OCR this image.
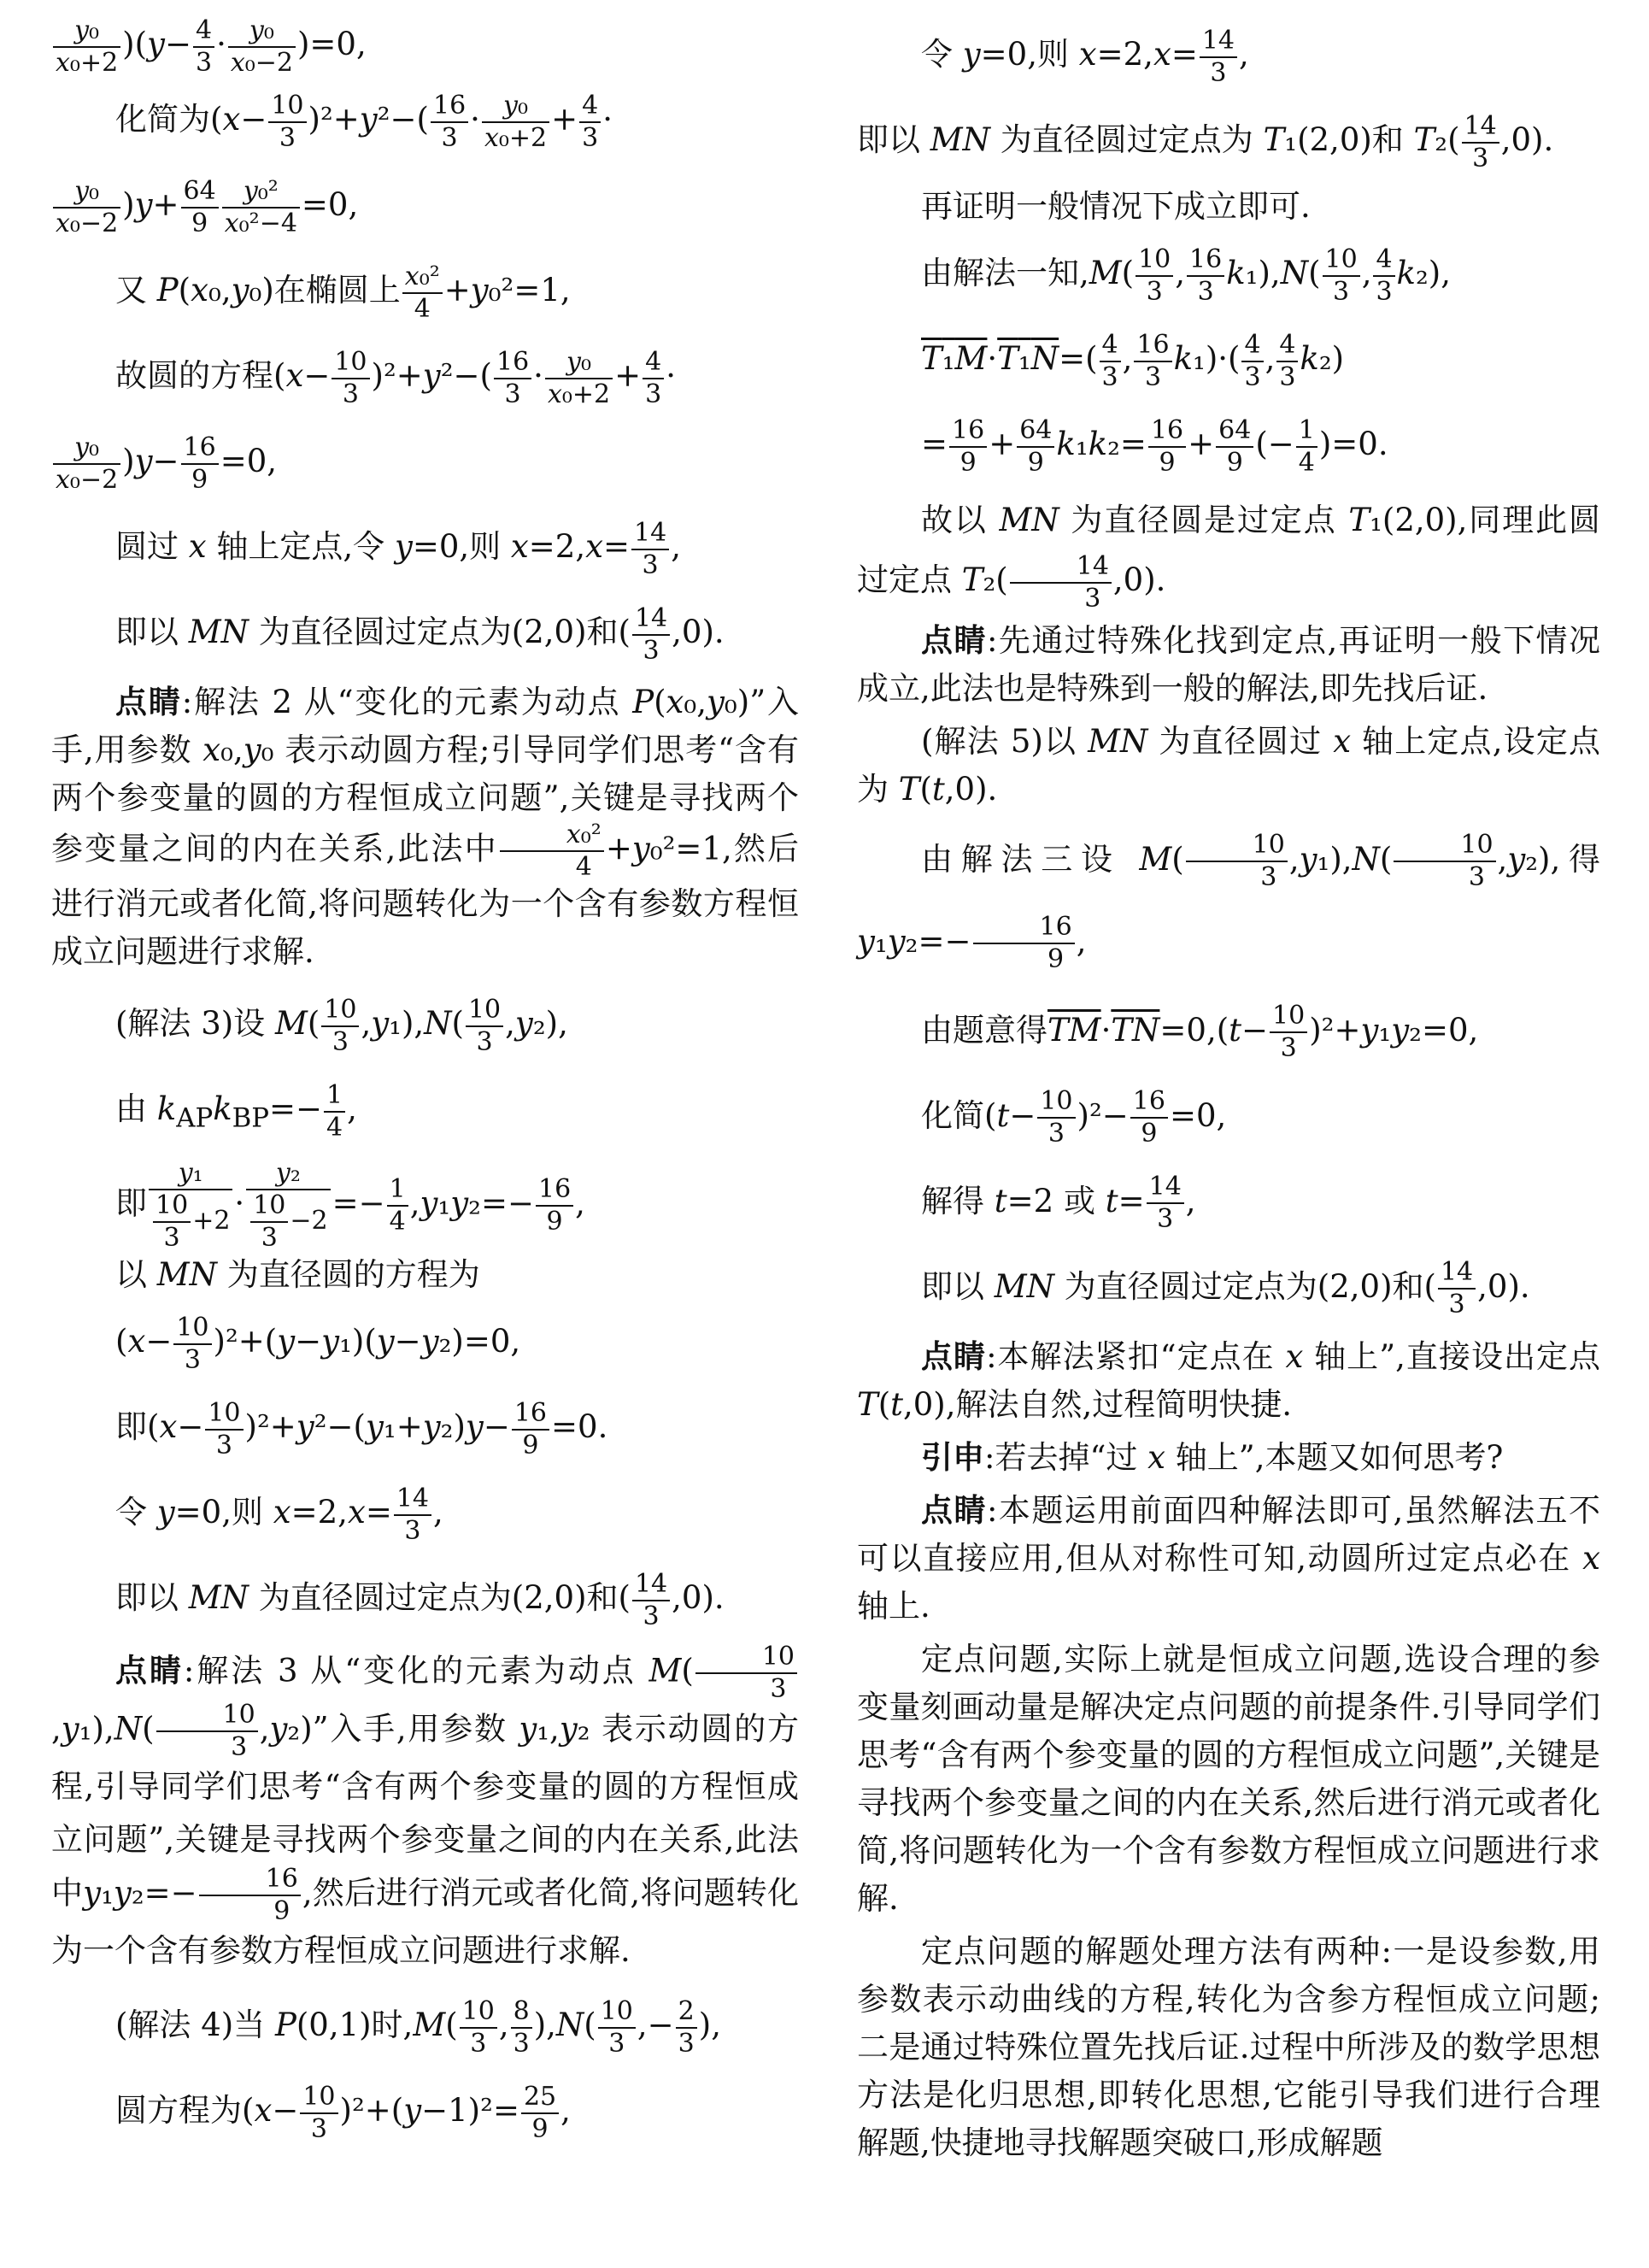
$\frac{\text{y₀}}{\text{x₀+2}} )(y- \frac{4}{3} \cdot \frac{\text{y₀}}{\text{x₀−2}} )=0$,

化简为$(x- \frac{10}{3} )^2+y^2-( \frac{16}{3} \cdot \frac{\text{y₀}}{\text{x₀+2}} + \frac{4}{3}$ ·

$\frac{\text{y₀}}{\text{x₀−2}} )y+ \frac{64}{9} \frac{\text{y₀²}}{\text{x₀²−4}} =0$,

又 P(x₀,y₀)在椭圆上 $\frac{\text{x₀²}}{4} +y_0^2=1$,

故圆的方程$(x- \frac{10}{3} )^2+y^2-( \frac{16}{3} \cdot \frac{\text{y₀}}{\text{x₀+2}} + \frac{4}{3}$ ·

$\frac{\text{y₀}}{\text{x₀−2}} )y- \frac{16}{9} =0$,

圆过 x 轴上定点,令 y=0,则 $x=2,x= \frac{14}{3}$ ,

即以 MN 为直径圆过定点为(2,0)和( $\frac{14}{3} ,0$).

点睛:解法 2 从“变化的元素为动点 P(x₀,y₀)”入手,用参数 x₀,y₀ 表示动圆方程;引导同学们思考“含有两个参变量的圆的方程恒成立问题”,关键是寻找两个参变量之间的内在关系,此法中 $\frac{\text{x₀²}}{4} +y_0^2=1$,然后进行消元或者化简,将问题转化为一个含有参数方程恒成立问题进行求解.

(解法 3)设 $M( \frac{10}{3} ,y_1),N( \frac{10}{3} ,y_2)$,

由 $k_{AP}k_{BP}=- \frac{1}{4}$ ,

即 $\frac{\text{y₁}}{\frac{10}{3} +2} \cdot \frac{\text{y₂}}{\frac{10}{3} -2} =- \frac{1}{4} ,y_1y_2=- \frac{16}{9}$ ,

以 MN 为直径圆的方程为

$(x- \frac{10}{3} )^2+(y-y_1)(y-y_2)=0$,

即$(x- \frac{10}{3} )^2+y^2-(y_1+y_2)y- \frac{16}{9} =0$.

令 y=0,则 $x=2,x= \frac{14}{3}$ ,

即以 MN 为直径圆过定点为(2,0)和( $\frac{14}{3} ,0$).

点睛:解法 3 从“变化的元素为动点 $M( \frac{10}{3}$
$,y_1),N( \frac{10}{3} ,y_2)$”入手,用参数 y₁,y₂ 表示动圆的方程,引导同学们思考“含有两个参变量的圆的方程恒成立问题”,关键是寻找两个参变量之间的内在关系,此法中$y_1y_2=- \frac{16}{9}$ ,然后进行消元或者化简,将问题转化为一个含有参数方程恒成立问题进行求解.

(解法 4)当 P(0,1)时$,M( \frac{10}{3}$ , $\frac{8}{3} ),N( \frac{10}{3}$ ,− $\frac{2}{3}$ ),

圆方程为$(x- \frac{10}{3} )^2+(y-1)^2= \frac{25}{9}$ ,

令 y=0,则 $x=2,x= \frac{14}{3}$ ,

即以 MN 为直径圆过定点为 T₁(2,0)和 $T_2( \frac{14}{3} ,0)$.

再证明一般情况下成立即可.

由解法一知$,M( \frac{10}{3}$ , $\frac{16}{3} k_1),N( \frac{10}{3}$ , $\frac{4}{3} k_2$),

$T_1M\cdot T_1N=( \frac{4}{3}$ , $\frac{16}{3} k_1)\cdot( \frac{4}{3}$ , $\frac{4}{3} k_2$)

= $\frac{16}{9} + \frac{64}{9} k_1k_2= \frac{16}{9} + \frac{64}{9}$ (− $\frac{1}{4} )=0$.

故以 MN 为直径圆是过定点 T₁(2,0),同理此圆过定点 $T_2( \frac{14}{3} ,0)$.

点睛:先通过特殊化找到定点,再证明一般下情况成立,此法也是特殊到一般的解法,即先找后证.

(解法 5)以 MN 为直径圆过 x 轴上定点,设定点为 T(t,0).

由解法三设 $M( \frac{10}{3} ,y_1),N( \frac{10}{3} ,y_2)$,得 $y_1y_2=- \frac{16}{9}$ ,

由题意得$\overline{TM}\cdot\overline{TN}=0,(t- \frac{10}{3} )^2+y_1y_2=0$,

化简$(t- \frac{10}{3} )^2- \frac{16}{9} =0$,

解得 t=2 或 $t= \frac{14}{3}$ ,

即以 MN 为直径圆过定点为(2,0)和( $\frac{14}{3} ,0$).

点睛:本解法紧扣“定点在 x 轴上”,直接设出定点 T(t,0),解法自然,过程简明快捷.

引申:若去掉“过 x 轴上”,本题又如何思考?

点睛:本题运用前面四种解法即可,虽然解法五不可以直接应用,但从对称性可知,动圆所过定点必在 x 轴上.

定点问题,实际上就是恒成立问题,选设合理的参变量刻画动量是解决定点问题的前提条件.引导同学们思考“含有两个参变量的圆的方程恒成立问题”,关键是寻找两个参变量之间的内在关系,然后进行消元或者化简,将问题转化为一个含有参数方程恒成立问题进行求解.

定点问题的解题处理方法有两种:一是设参数,用参数表示动曲线的方程,转化为含参方程恒成立问题;二是通过特殊位置先找后证.过程中所涉及的数学思想方法是化归思想,即转化思想,它能引导我们进行合理解题,快捷地寻找解题突破口,形成解题
